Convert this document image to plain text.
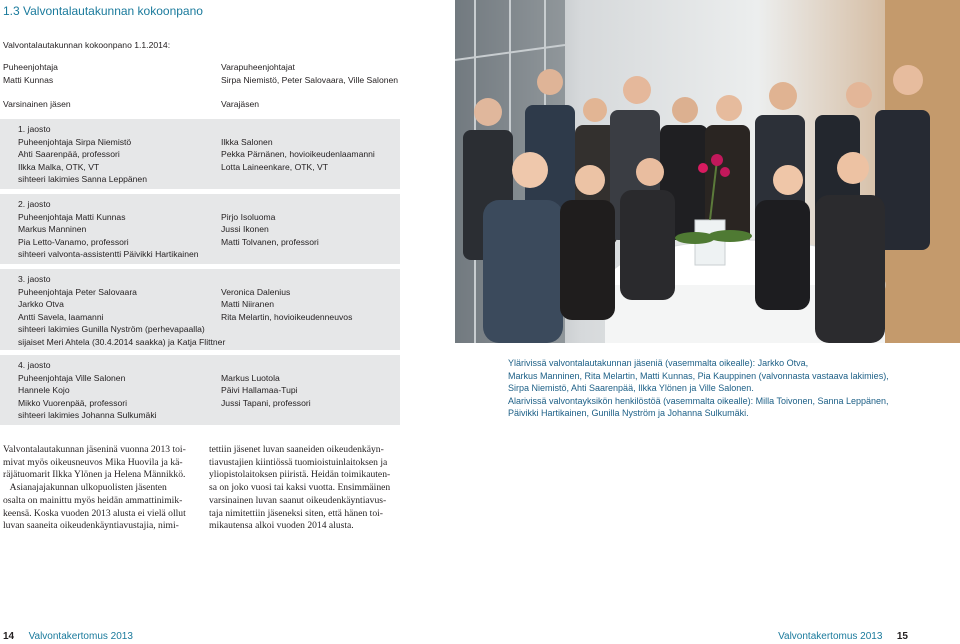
1.3 Valvontalautakunnan kokoonpano
Valvontalautakunnan kokoonpano 1.1.2014:
Puheenjohtaja
Matti Kunnas
Varapuheenjohtajat
Sirpa Niemistö, Peter Salovaara, Ville Salonen
Varsinainen jäsen	Varajäsen
1. jaosto
Puheenjohtaja Sirpa Niemistö
Ahti Saarenpää, professori
Ilkka Malka, OTK, VT
sihteeri lakimies Sanna Leppänen
Ilkka Salonen
Pekka Pärnänen, hovioikeudenlaamanni
Lotta Laineenkare, OTK, VT
2. jaosto
Puheenjohtaja Matti Kunnas
Markus Manninen
Pia Letto-Vanamo, professori
sihteeri valvonta-assistentti Päivikki Hartikainen
Pirjo Isoluoma
Jussi Ikonen
Matti Tolvanen, professori
3. jaosto
Puheenjohtaja Peter Salovaara
Jarkko Otva
Antti Savela, laamanni
sihteeri lakimies Gunilla Nyström (perhevapaalla)
sijaiset Meri Ahtela (30.4.2014 saakka) ja Katja Flittner
Veronica Dalenius
Matti Niiranen
Rita Melartin, hovioikeudenneuvos
4. jaosto
Puheenjohtaja Ville Salonen
Hannele Kojo
Mikko Vuorenpää, professori
sihteeri lakimies Johanna Sulkumäki
Markus Luotola
Päivi Hallamaa-Tupi
Jussi Tapani, professori
Valvontalautakunnan jäseninä vuonna 2013 toi-
mivat myös oikeusneuvos Mika Huovila ja kä-
räjätuomarit Ilkka Ylönen ja Helena Männikkö.
Asianajajakunnan ulkopuolisten jäsenten
osalta on mainittu myös heidän ammattinimik-
keensä. Koska vuoden 2013 alusta ei vielä ollut
luvan saaneita oikeudenkäyntiavustajia, nimi-
tettiin jäsenet luvan saaneiden oikeudenkäyn-
tiavustajien kiintiössä tuomioistuinlaitoksen ja
yliopistolaitoksen piiristä. Heidän toimikauten-
sa on joko vuosi tai kaksi vuotta. Ensimmäinen
varsinainen luvan saanut oikeudenkäyntiavus-
taja nimitettiin jäseneksi siten, että hänen toi-
mikautensa alkoi vuoden 2014 alusta.
Ylärivissä valvontalautakunnan jäseniä (vasemmalta oikealle): Jarkko Otva,
Markus Manninen, Rita Melartin, Matti Kunnas, Pia Kauppinen (valvonnasta vastaava lakimies),
Sirpa Niemistö, Ahti Saarenpää, Ilkka Ylönen ja Ville Salonen.
Alarivissä valvontayksikön henkilöstöä (vasemmalta oikealle): Milla Toivonen, Sanna Leppänen,
Päivikki Hartikainen, Gunilla Nyström ja Johanna Sulkumäki.
14 Valvontakertomus 2013	Valvontakertomus 2013 15
